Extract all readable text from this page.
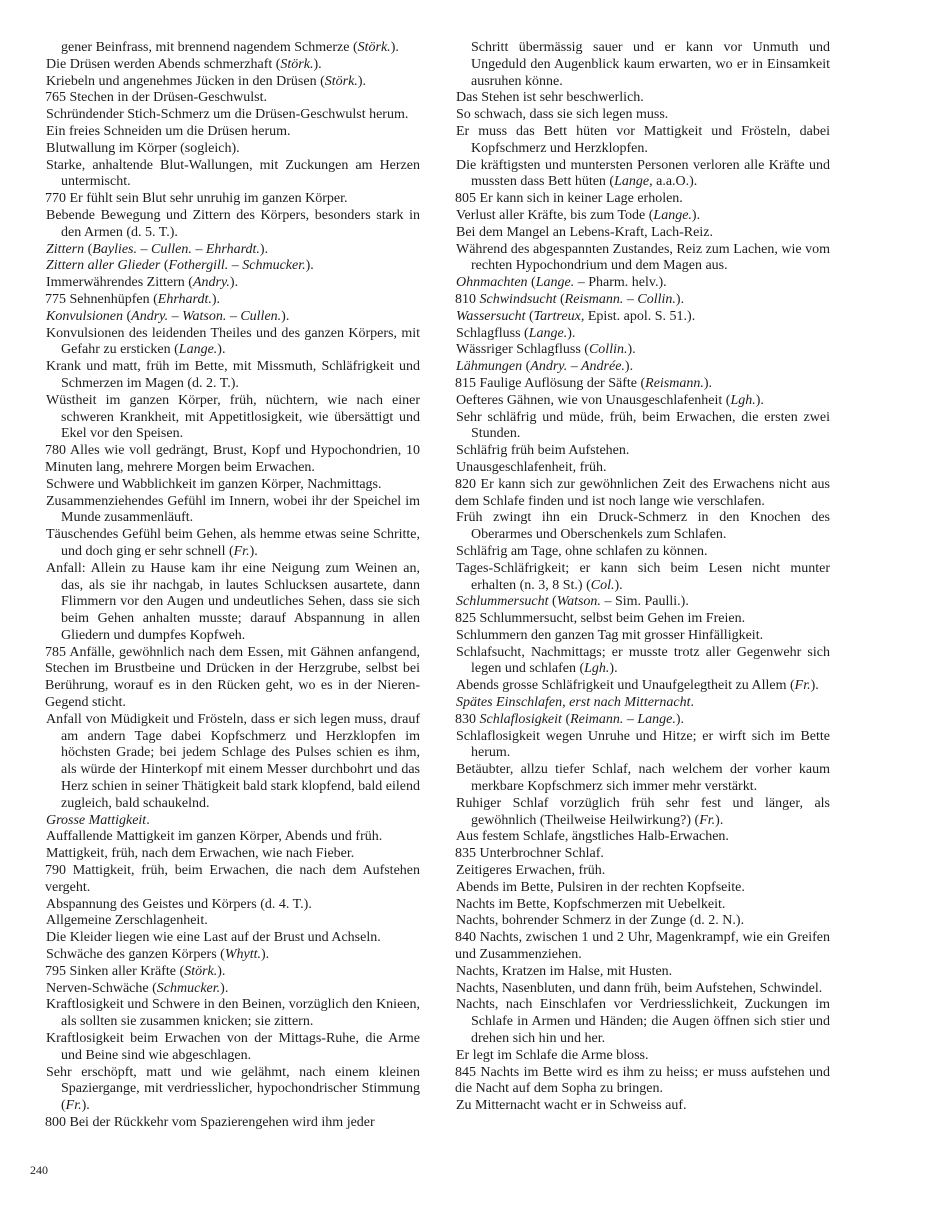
gener Beinfrass, mit brennend nagendem Schmerze (Störk.).

Die Drüsen werden Abends schmerzhaft (Störk.).

Kriebeln und angenehmes Jücken in den Drüsen (Störk.).

765 Stechen in der Drüsen-Geschwulst.

Schründender Stich-Schmerz um die Drüsen-Geschwulst herum.

Ein freies Schneiden um die Drüsen herum.

Blutwallung im Körper (sogleich).

Starke, anhaltende Blut-Wallungen, mit Zuckungen am Herzen untermischt.

770 Er fühlt sein Blut sehr unruhig im ganzen Körper.

Bebende Bewegung und Zittern des Körpers, besonders stark in den Armen (d. 5. T.).

Zittern (Baylies. – Cullen. – Ehrhardt.).

Zittern aller Glieder (Fothergill. – Schmucker.).

Immerwährendes Zittern (Andry.).

775 Sehnenhüpfen (Ehrhardt.).

Konvulsionen (Andry. – Watson. – Cullen.).

Konvulsionen des leidenden Theiles und des ganzen Körpers, mit Gefahr zu ersticken (Lange.).

Krank und matt, früh im Bette, mit Missmuth, Schläfrigkeit und Schmerzen im Magen (d. 2. T.).

Wüstheit im ganzen Körper, früh, nüchtern, wie nach einer schweren Krankheit, mit Appetitlosigkeit, wie übersättigt und Ekel vor den Speisen.

780 Alles wie voll gedrängt, Brust, Kopf und Hypochondrien, 10 Minuten lang, mehrere Morgen beim Erwachen.

Schwere und Wabblichkeit im ganzen Körper, Nachmittags.

Zusammenziehendes Gefühl im Innern, wobei ihr der Speichel im Munde zusammenläuft.

Täuschendes Gefühl beim Gehen, als hemme etwas seine Schritte, und doch ging er sehr schnell (Fr.).

Anfall: Allein zu Hause kam ihr eine Neigung zum Weinen an, das, als sie ihr nachgab, in lautes Schlucksen ausartete, dann Flimmern vor den Augen und undeutliches Sehen, dass sie sich beim Gehen anhalten musste; darauf Abspannung in allen Gliedern und dumpfes Kopfweh.

785 Anfälle, gewöhnlich nach dem Essen, mit Gähnen anfangend, Stechen im Brustbeine und Drücken in der Herzgrube, selbst bei Berührung, worauf es in den Rücken geht, wo es in der Nieren-Gegend sticht.

Anfall von Müdigkeit und Frösteln, dass er sich legen muss, drauf am andern Tage dabei Kopfschmerz und Herzklopfen im höchsten Grade; bei jedem Schlage des Pulses schien es ihm, als würde der Hinterkopf mit einem Messer durchbohrt und das Herz schien in seiner Thätigkeit bald stark klopfend, bald eilend zugleich, bald schaukelnd.

Grosse Mattigkeit.

Auffallende Mattigkeit im ganzen Körper, Abends und früh.

Mattigkeit, früh, nach dem Erwachen, wie nach Fieber.

790 Mattigkeit, früh, beim Erwachen, die nach dem Aufstehen vergeht.

Abspannung des Geistes und Körpers (d. 4. T.).

Allgemeine Zerschlagenheit.

Die Kleider liegen wie eine Last auf der Brust und Achseln.

Schwäche des ganzen Körpers (Whytt.).

795 Sinken aller Kräfte (Störk.).

Nerven-Schwäche (Schmucker.).

Kraftlosigkeit und Schwere in den Beinen, vorzüglich den Knieen, als sollten sie zusammen knicken; sie zittern.

Kraftlosigkeit beim Erwachen von der Mittags-Ruhe, die Arme und Beine sind wie abgeschlagen.

Sehr erschöpft, matt und wie gelähmt, nach einem kleinen Spaziergange, mit verdriesslicher, hypochondrischer Stimmung (Fr.).

800 Bei der Rückkehr vom Spazierengehen wird ihm jeder

Schritt übermässig sauer und er kann vor Unmuth und Ungeduld den Augenblick kaum erwarten, wo er in Einsamkeit ausruhen könne.

Das Stehen ist sehr beschwerlich.

So schwach, dass sie sich legen muss.

Er muss das Bett hüten vor Mattigkeit und Frösteln, dabei Kopfschmerz und Herzklopfen.

Die kräftigsten und muntersten Personen verloren alle Kräfte und mussten dass Bett hüten (Lange, a.a.O.).

805 Er kann sich in keiner Lage erholen.

Verlust aller Kräfte, bis zum Tode (Lange.).

Bei dem Mangel an Lebens-Kraft, Lach-Reiz.

Während des abgespannten Zustandes, Reiz zum Lachen, wie vom rechten Hypochondrium und dem Magen aus.

Ohnmachten (Lange. – Pharm. helv.).

810 Schwindsucht (Reismann. – Collin.).

Wassersucht (Tartreux, Epist. apol. S. 51.).

Schlagfluss (Lange.).

Wässriger Schlagfluss (Collin.).

Lähmungen (Andry. – Andrée.).

815 Faulige Auflösung der Säfte (Reismann.).

Oefteres Gähnen, wie von Unausgeschlafenheit (Lgh.).

Sehr schläfrig und müde, früh, beim Erwachen, die ersten zwei Stunden.

Schläfrig früh beim Aufstehen.

Unausgeschlafenheit, früh.

820 Er kann sich zur gewöhnlichen Zeit des Erwachens nicht aus dem Schlafe finden und ist noch lange wie verschlafen.

Früh zwingt ihn ein Druck-Schmerz in den Knochen des Oberarmes und Oberschenkels zum Schlafen.

Schläfrig am Tage, ohne schlafen zu können.

Tages-Schläfrigkeit; er kann sich beim Lesen nicht munter erhalten (n. 3, 8 St.) (Col.).

Schlummersucht (Watson. – Sim. Paulli.).

825 Schlummersucht, selbst beim Gehen im Freien.

Schlummern den ganzen Tag mit grosser Hinfälligkeit.

Schlafsucht, Nachmittags; er musste trotz aller Gegenwehr sich legen und schlafen (Lgh.).

Abends grosse Schläfrigkeit und Unaufgelegtheit zu Allem (Fr.).

Spätes Einschlafen, erst nach Mitternacht.

830 Schlaflosigkeit (Reimann. – Lange.).

Schlaflosigkeit wegen Unruhe und Hitze; er wirft sich im Bette herum.

Betäubter, allzu tiefer Schlaf, nach welchem der vorher kaum merkbare Kopfschmerz sich immer mehr verstärkt.

Ruhiger Schlaf vorzüglich früh sehr fest und länger, als gewöhnlich (Theilweise Heilwirkung?) (Fr.).

Aus festem Schlafe, ängstliches Halb-Erwachen.

835 Unterbrochner Schlaf.

Zeitigeres Erwachen, früh.

Abends im Bette, Pulsiren in der rechten Kopfseite.

Nachts im Bette, Kopfschmerzen mit Uebelkeit.

Nachts, bohrender Schmerz in der Zunge (d. 2. N.).

840 Nachts, zwischen 1 und 2 Uhr, Magenkrampf, wie ein Greifen und Zusammenziehen.

Nachts, Kratzen im Halse, mit Husten.

Nachts, Nasenbluten, und dann früh, beim Aufstehen, Schwindel.

Nachts, nach Einschlafen vor Verdriesslichkeit, Zuckungen im Schlafe in Armen und Händen; die Augen öffnen sich stier und drehen sich hin und her.

Er legt im Schlafe die Arme bloss.

845 Nachts im Bette wird es ihm zu heiss; er muss aufstehen und die Nacht auf dem Sopha zu bringen.

Zu Mitternacht wacht er in Schweiss auf.

240
